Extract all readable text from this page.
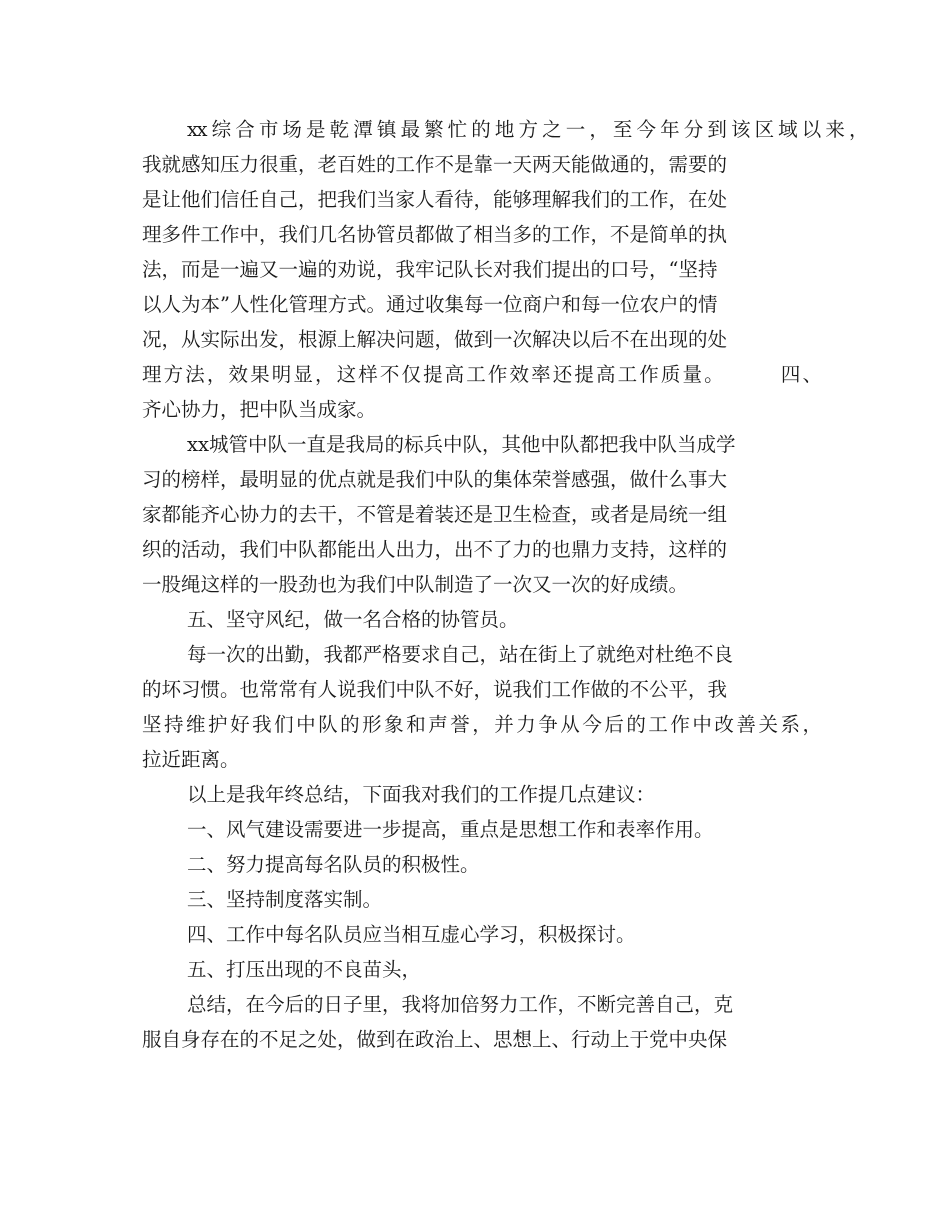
xx综合市场是乾潭镇最繁忙的地方之一，至今年分到该区域以来，
我就感知压力很重，老百姓的工作不是靠一天两天能做通的，需要的
是让他们信任自己，把我们当家人看待，能够理解我们的工作，在处
理多件工作中，我们几名协管员都做了相当多的工作，不是简单的执
法，而是一遍又一遍的劝说，我牢记队长对我们提出的口号，“坚持
以人为本”人性化管理方式。通过收集每一位商户和每一位农户的情
况，从实际出发，根源上解决问题，做到一次解决以后不在出现的处
理方法，效果明显，这样不仅提高工作效率还提高工作质量。　　　四、
齐心协力，把中队当成家。
xx城管中队一直是我局的标兵中队，其他中队都把我中队当成学
习的榜样，最明显的优点就是我们中队的集体荣誉感强，做什么事大
家都能齐心协力的去干，不管是着装还是卫生检查，或者是局统一组
织的活动，我们中队都能出人出力，出不了力的也鼎力支持，这样的
一股绳这样的一股劲也为我们中队制造了一次又一次的好成绩。
五、坚守风纪，做一名合格的协管员。
每一次的出勤，我都严格要求自己，站在街上了就绝对杜绝不良
的坏习惯。也常常有人说我们中队不好，说我们工作做的不公平，我
坚持维护好我们中队的形象和声誉，并力争从今后的工作中改善关系，
拉近距离。
以上是我年终总结，下面我对我们的工作提几点建议：
一、风气建设需要进一步提高，重点是思想工作和表率作用。
二、努力提高每名队员的积极性。
三、坚持制度落实制。
四、工作中每名队员应当相互虚心学习，积极探讨。
五、打压出现的不良苗头，
总结，在今后的日子里，我将加倍努力工作，不断完善自己，克
服自身存在的不足之处，做到在政治上、思想上、行动上于党中央保
